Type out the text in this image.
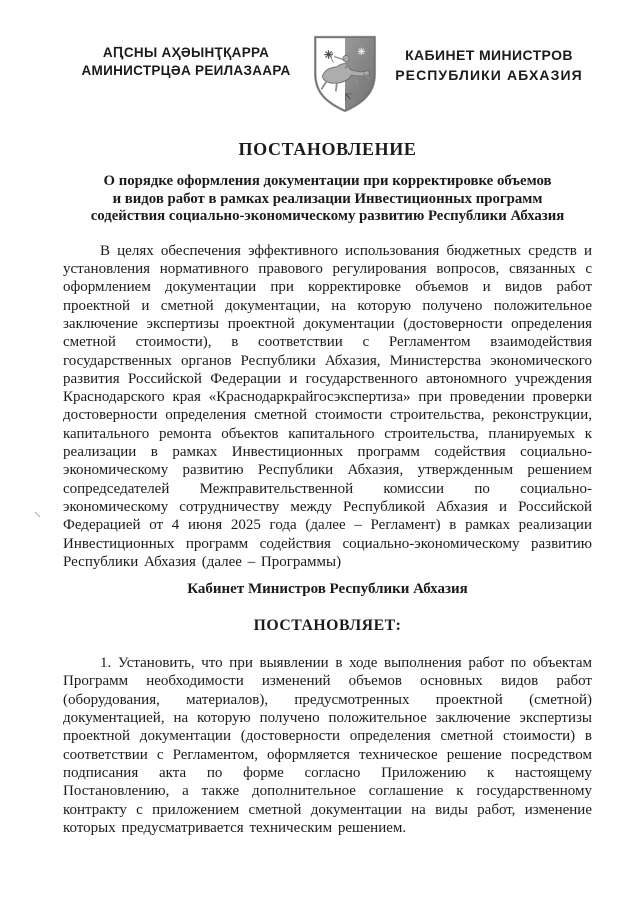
АԤСНЫ АҲӘЫНҬҚАРРА
АМИНИСТРЦӘА РЕИЛАЗААРА
КАБИНЕТ МИНИСТРОВ
РЕСПУБЛИКИ АБХАЗИЯ
ПОСТАНОВЛЕНИЕ
О порядке оформления документации при корректировке объемов
и видов работ в рамках реализации Инвестиционных программ
содействия социально-экономическому развитию Республики Абхазия

В целях обеспечения эффективного использования бюджетных средств и установления нормативного правового регулирования вопросов, связанных с оформлением документации при корректировке объемов и видов работ проектной и сметной документации, на которую получено положительное заключение экспертизы проектной документации (достоверности определения сметной стоимости), в соответствии с Регламентом взаимодействия государственных органов Республики Абхазия, Министерства экономического развития Российской Федерации и государственного автономного учреждения Краснодарского края «Краснодаркрайгосэкспертиза» при проведении проверки достоверности определения сметной стоимости строительства, реконструкции, капитального ремонта объектов капитального строительства, планируемых к реализации в рамках Инвестиционных программ содействия социально-экономическому развитию Республики Абхазия, утвержденным решением сопредседателей Межправительственной комиссии по социально-экономическому сотрудничеству между Республикой Абхазия и Российской Федерацией от 4 июня 2025 года (далее – Регламент) в рамках реализации Инвестиционных программ содействия социально-экономическому развитию Республики Абхазия (далее – Программы)

Кабинет Министров Республики Абхазия
ПОСТАНОВЛЯЕТ:

1. Установить, что при выявлении в ходе выполнения работ по объектам Программ необходимости изменений объемов основных видов работ (оборудования, материалов), предусмотренных проектной (сметной) документацией, на которую получено положительное заключение экспертизы проектной документации (достоверности определения сметной стоимости) в соответствии с Регламентом, оформляется техническое решение посредством подписания акта по форме согласно Приложению к настоящему Постановлению, а также дополнительное соглашение к государственному контракту с приложением сметной документации на виды работ, изменение которых предусматривается техническим решением.
